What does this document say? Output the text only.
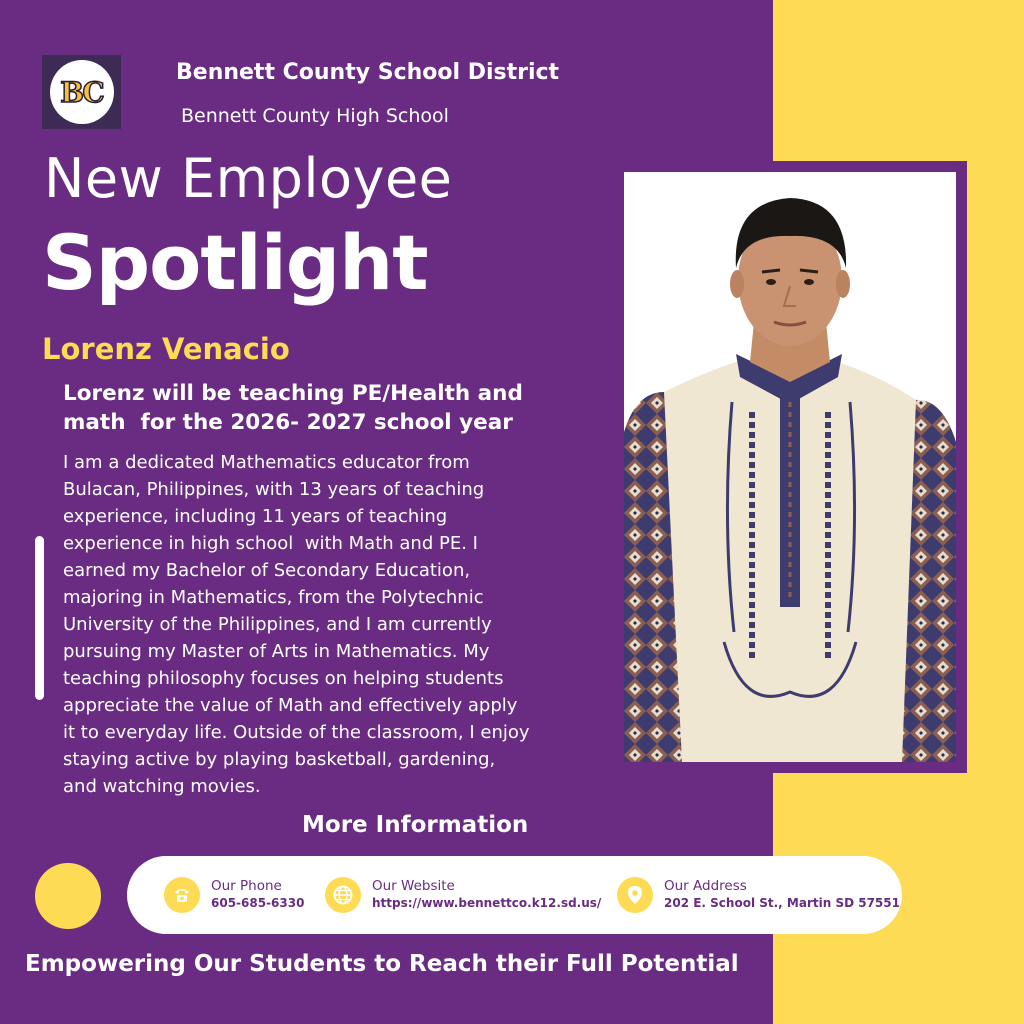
BC
Bennett County School District
Bennett County High School
New Employee
Spotlight
Lorenz Venacio
Lorenz will be teaching PE/Health and
math  for the 2026- 2027 school year
I am a dedicated Mathematics educator from
Bulacan, Philippines, with 13 years of teaching
experience, including 11 years of teaching
experience in high school  with Math and PE. I
earned my Bachelor of Secondary Education,
majoring in Mathematics, from the Polytechnic
University of the Philippines, and I am currently
pursuing my Master of Arts in Mathematics. My
teaching philosophy focuses on helping students
appreciate the value of Math and effectively apply
it to everyday life. Outside of the classroom, I enjoy
staying active by playing basketball, gardening,
and watching movies.
More Information
Our Phone
605-685-6330
Our Website
https://www.bennettco.k12.sd.us/
Our Address
202 E. School St., Martin SD 57551
Empowering Our Students to Reach their Full Potential
